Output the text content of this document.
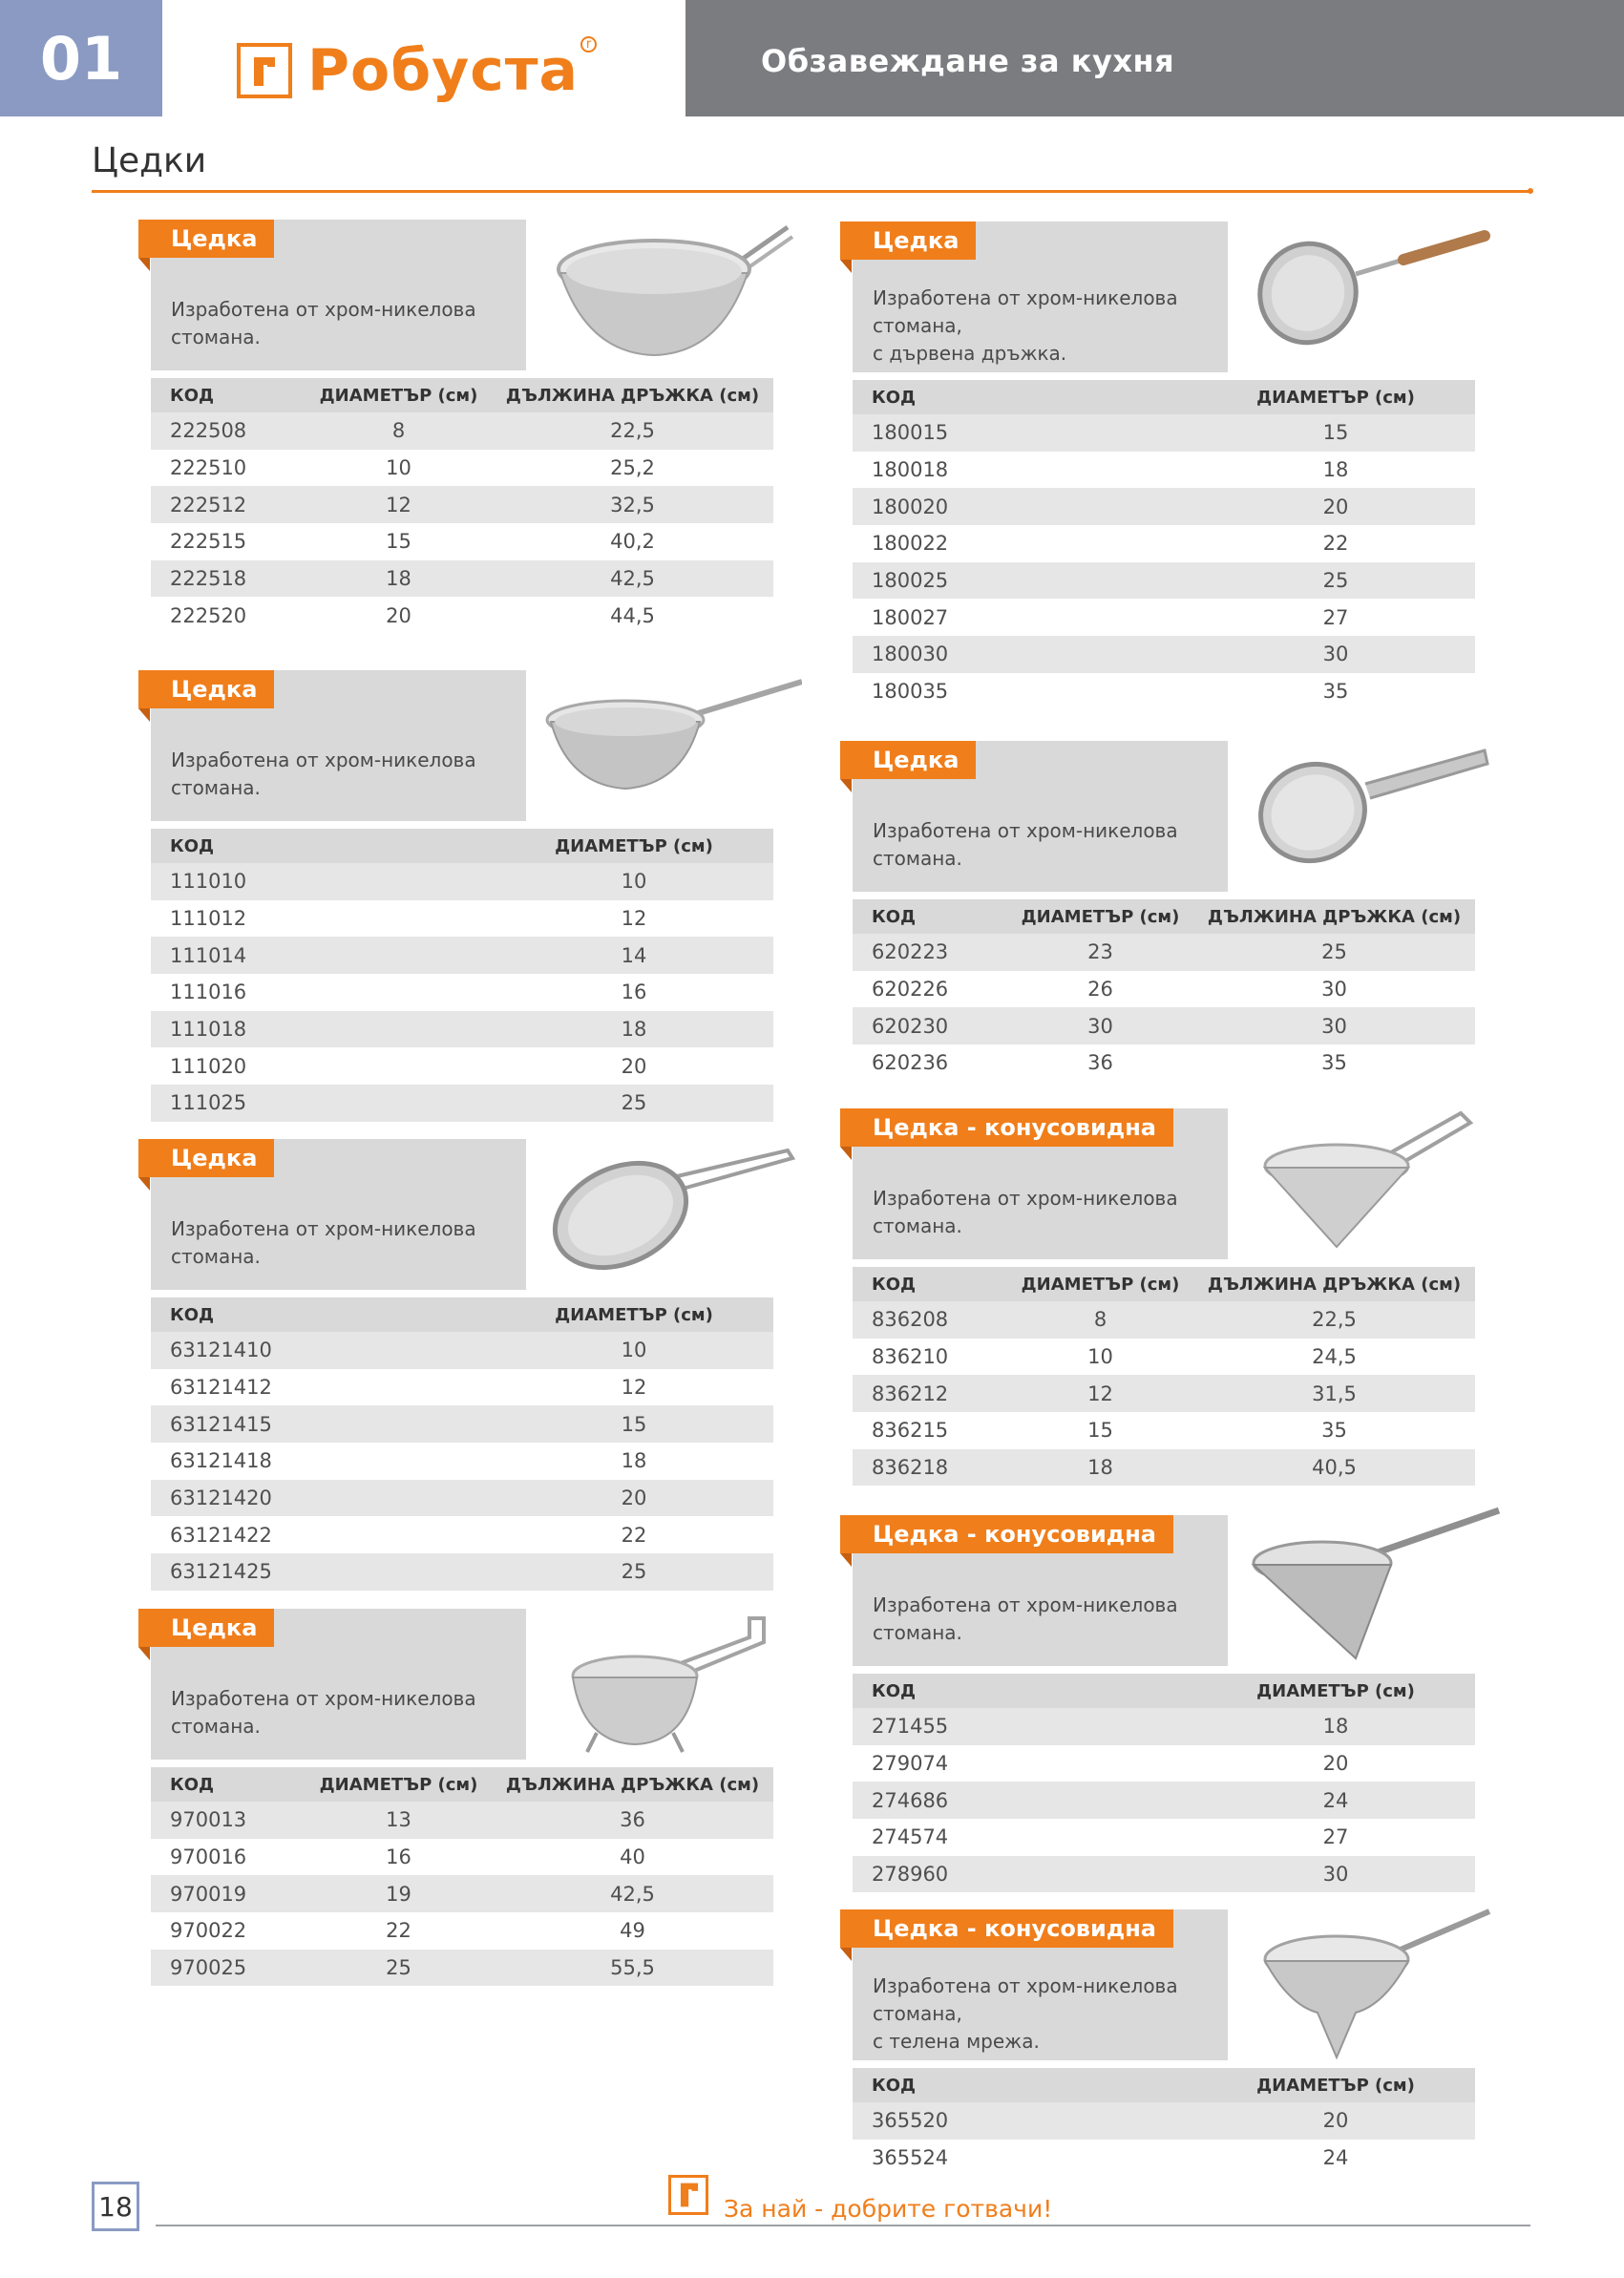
01	Робуста r	Обзавеждане за кухня
Цедки
Цедка
Изработена от хром-никелова стомана.
КОД	ДИАМЕТЪР (см)	ДЪЛЖИНА ДРЪЖКА (см)
222508	8	22,5
222510	10	25,2
222512	12	32,5
222515	15	40,2
222518	18	42,5
222520	20	44,5
Цедка
Изработена от хром-никелова стомана.
КОД	ДИАМЕТЪР (см)
111010	10
111012	12
111014	14
111016	16
111018	18
111020	20
111025	25
Цедка
Изработена от хром-никелова стомана.
КОД	ДИАМЕТЪР (см)
63121410	10
63121412	12
63121415	15
63121418	18
63121420	20
63121422	22
63121425	25
Цедка
Изработена от хром-никелова стомана.
КОД	ДИАМЕТЪР (см)	ДЪЛЖИНА ДРЪЖКА (см)
970013	13	36
970016	16	40
970019	19	42,5
970022	22	49
970025	25	55,5
Цедка
Изработена от хром-никелова стомана,
с дървена дръжка.
КОД	ДИАМЕТЪР (см)
180015	15
180018	18
180020	20
180022	22
180025	25
180027	27
180030	30
180035	35
Цедка
Изработена от хром-никелова стомана.
КОД	ДИАМЕТЪР (см)	ДЪЛЖИНА ДРЪЖКА (см)
620223	23	25
620226	26	30
620230	30	30
620236	36	35
Цедка - конусовидна
Изработена от хром-никелова стомана.
КОД	ДИАМЕТЪР (см)	ДЪЛЖИНА ДРЪЖКА (см)
836208	8	22,5
836210	10	24,5
836212	12	31,5
836215	15	35
836218	18	40,5
Цедка - конусовидна
Изработена от хром-никелова стомана.
КОД	ДИАМЕТЪР (см)
271455	18
279074	20
274686	24
274574	27
278960	30
Цедка - конусовидна
Изработена от хром-никелова стомана,
с телена мрежа.
КОД	ДИАМЕТЪР (см)
365520	20
365524	24
18	За най - добрите готвачи!
